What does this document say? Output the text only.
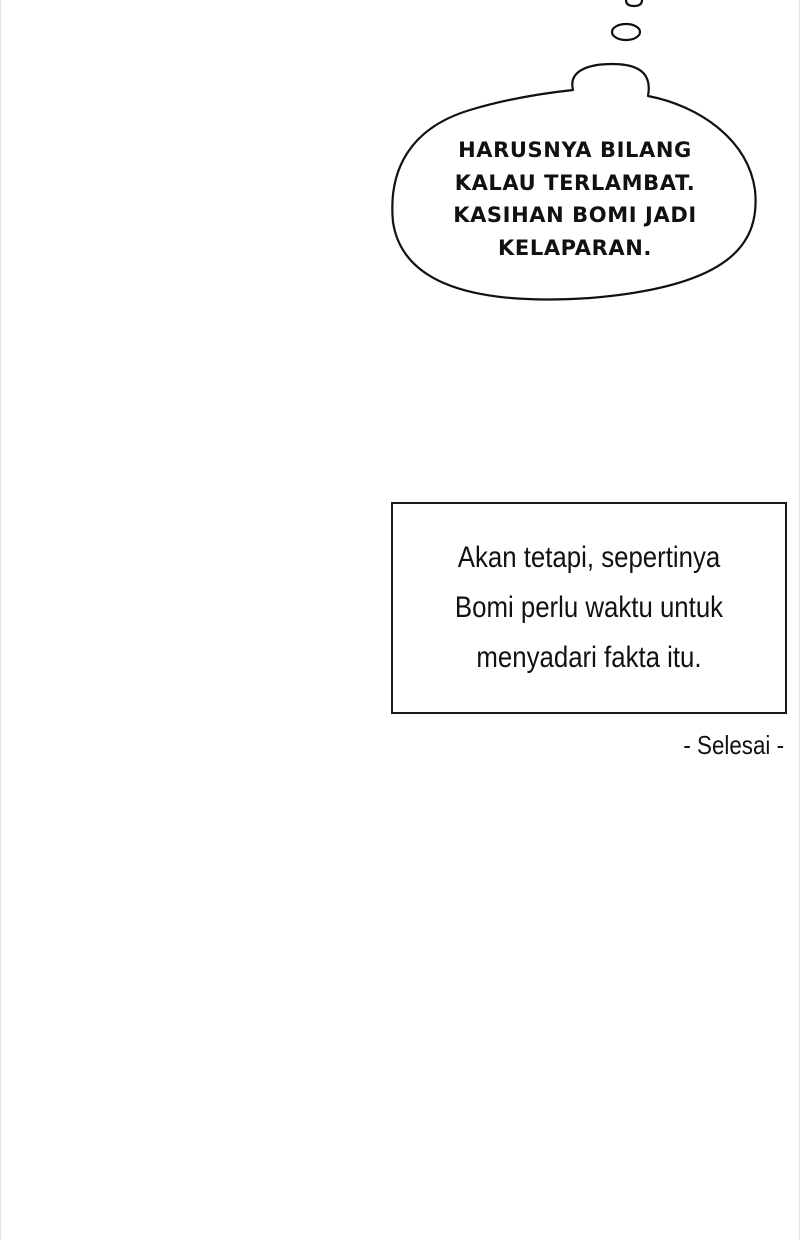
HARUSNYA BILANG
KALAU TERLAMBAT.
KASIHAN BOMI JADI
KELAPARAN.

Akan tetapi, sepertinya
Bomi perlu waktu untuk
menyadari fakta itu.

- Selesai -
